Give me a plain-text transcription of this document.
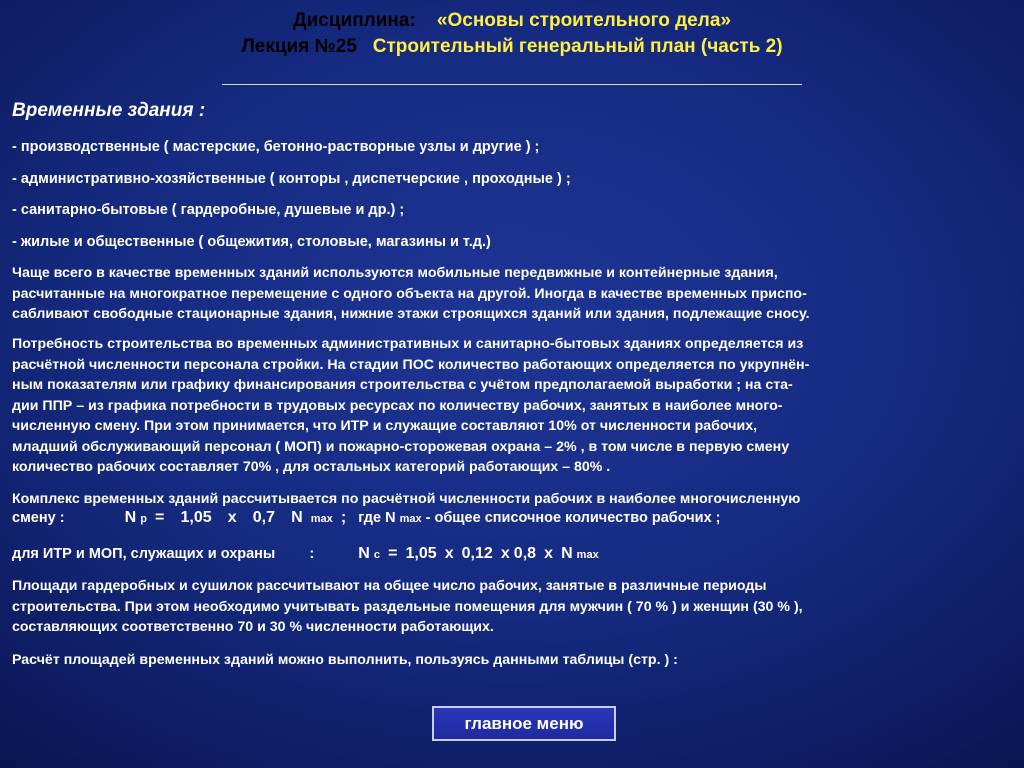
Дисциплина: «Основы строительного дела»
Лекция №25 Строительный генеральный план (часть 2)
Временные здания :
- производственные ( мастерские, бетонно-растворные узлы и другие ) ;
- административно-хозяйственные ( конторы , диспетчерские , проходные ) ;
- санитарно-бытовые ( гардеробные, душевые и др.) ;
- жилые и общественные ( общежития, столовые, магазины и т.д.)

Чаще всего в качестве временных зданий используются мобильные передвижные и контейнерные здания,
расчитанные на многократное перемещение с одного объекта на другой. Иногда в качестве временных приспо-
сабливают свободные стационарные здания, нижние этажи строящихся зданий или здания, подлежащие сносу.

Потребность строительства во временных административных и санитарно-бытовых зданиях определяется из
расчётной численности персонала стройки. На стадии ПОС количество работающих определяется по укрупнён-
ным показателям или графику финансирования строительства с учётом предполагаемой выработки ; на ста-
дии ППР – из графика потребности в трудовых ресурсах по количеству рабочих, занятых в наиболее много-
численную смену. При этом принимается, что ИТР и служащие составляют 10% от численности рабочих,
младший обслуживающий персонал ( МОП) и пожарно-сторожевая охрана – 2% , в том числе в первую смену
количество рабочих составляет 70% , для остальных категорий работающих – 80% .

Комплекс временных зданий рассчитывается по расчётной численности рабочих в наиболее многочисленную

смену :	N р = 1,05 x 0,7 N max ; где N max - общее списочное количество рабочих ;
для ИТР и МОП, служащих и охраны :	N с = 1,05 x 0,12 x 0,8 x N max

Площади гардеробных и сушилок рассчитывают на общее число рабочих, занятые в различные периоды
строительства. При этом необходимо учитывать раздельные помещения для мужчин ( 70 % ) и женщин (30 % ),
составляющих соответственно 70 и 30 % численности работающих.

Расчёт площадей временных зданий можно выполнить, пользуясь данными таблицы (стр. ) :

главное меню
